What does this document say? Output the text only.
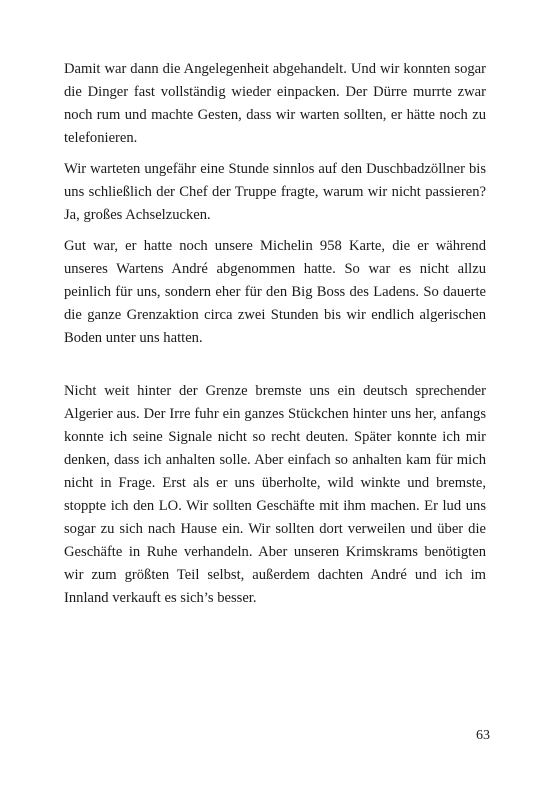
Damit war dann die Angelegenheit abgehandelt. Und wir konnten sogar die Dinger fast vollständig wieder einpacken. Der Dürre murrte zwar noch rum und machte Gesten, dass wir warten sollten, er hätte noch zu telefonieren.

Wir warteten ungefähr eine Stunde sinnlos auf den Duschbadzöllner bis uns schließlich der Chef der Truppe fragte, warum wir nicht passieren? Ja, großes Achselzucken.

Gut war, er hatte noch unsere Michelin 958 Karte, die er während unseres Wartens André abgenommen hatte. So war es nicht allzu peinlich für uns, sondern eher für den Big Boss des Ladens. So dauerte die ganze Grenzaktion circa zwei Stunden bis wir endlich algerischen Boden unter uns hatten.

Nicht weit hinter der Grenze bremste uns ein deutsch sprechender Algerier aus. Der Irre fuhr ein ganzes Stückchen hinter uns her, anfangs konnte ich seine Signale nicht so recht deuten. Später konnte ich mir denken, dass ich anhalten solle. Aber einfach so anhalten kam für mich nicht in Frage. Erst als er uns überholte, wild winkte und bremste, stoppte ich den LO. Wir sollten Geschäfte mit ihm machen. Er lud uns sogar zu sich nach Hause ein. Wir sollten dort verweilen und über die Geschäfte in Ruhe verhandeln. Aber unseren Krimskrams benötigten wir zum größten Teil selbst, außerdem dachten André und ich im Innland verkauft es sich’s besser.

63
